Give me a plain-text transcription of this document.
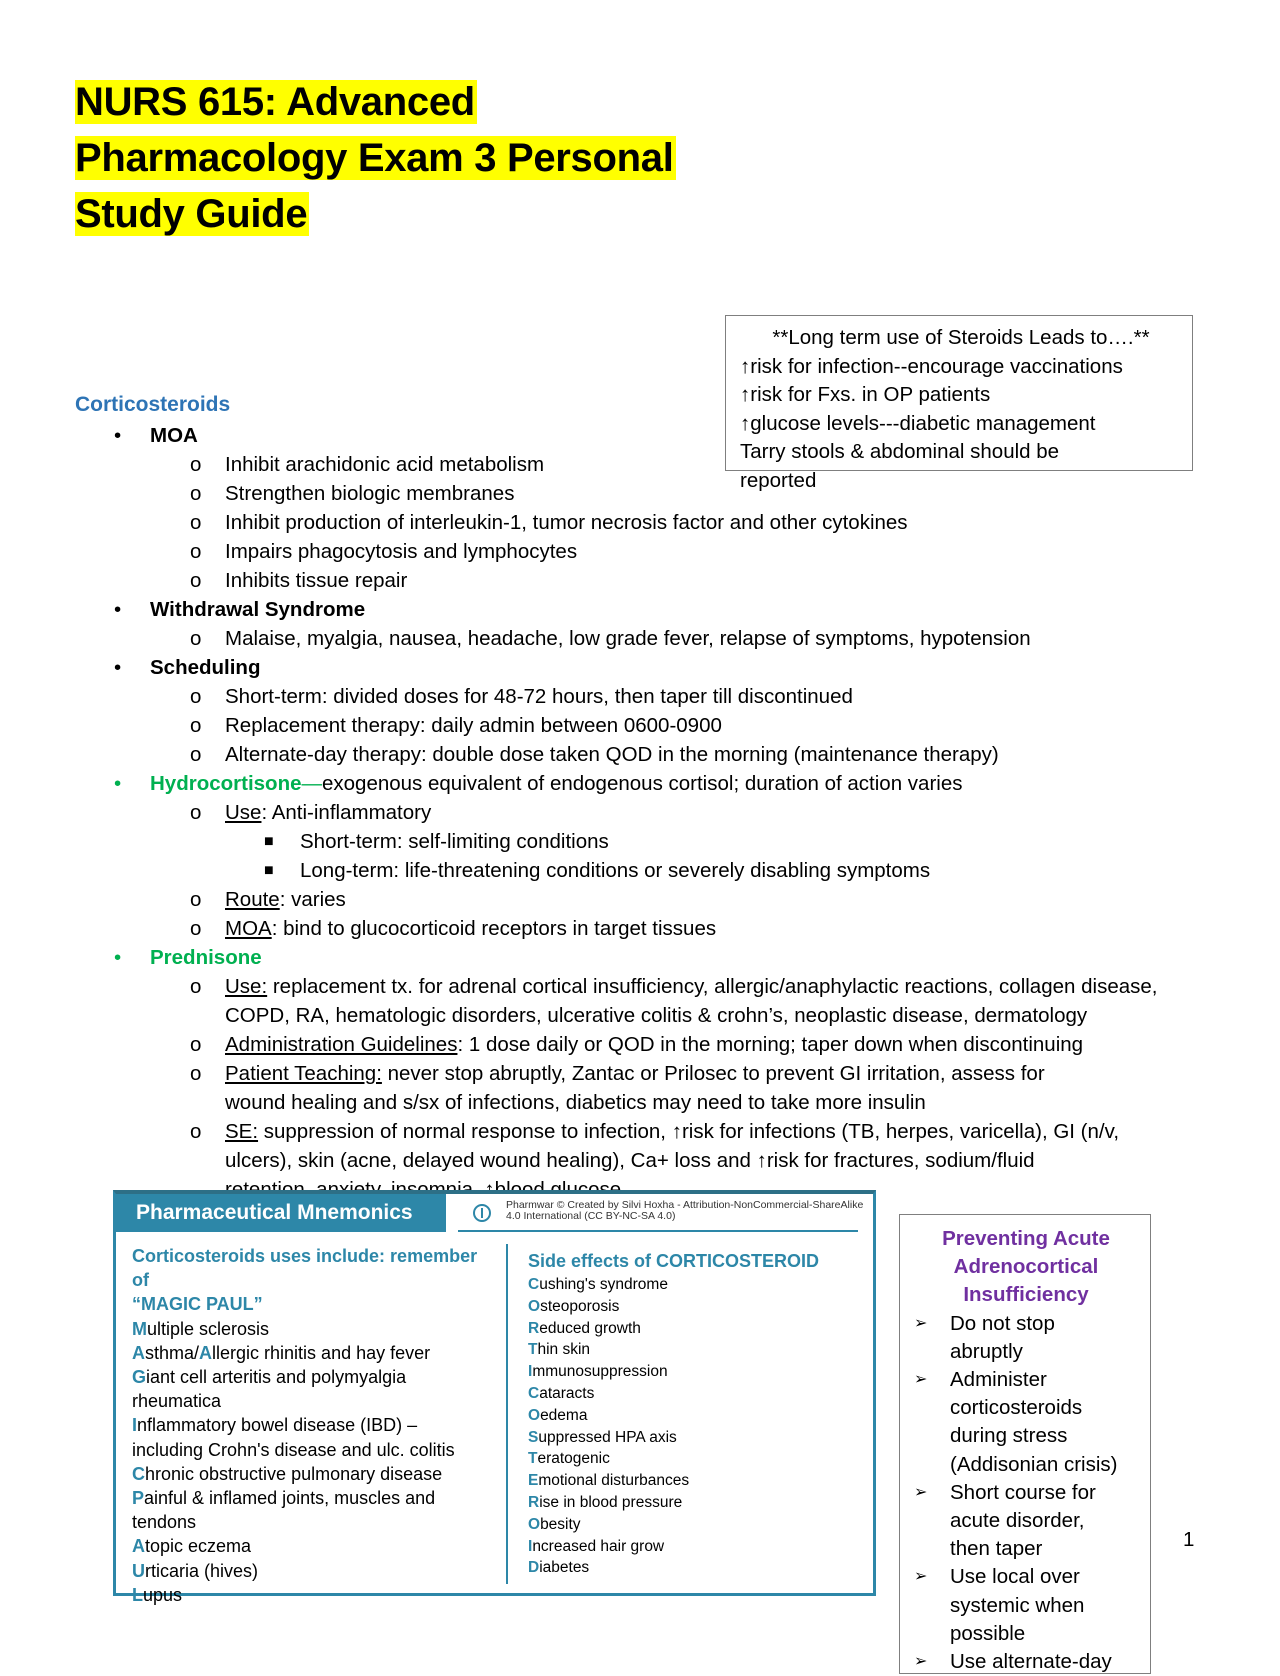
NURS 615: Advanced
Pharmacology Exam 3 Personal
Study Guide
**Long term use of Steroids Leads to….**
↑risk for infection--encourage vaccinations
↑risk for Fxs. in OP patients
↑glucose levels---diabetic management
Tarry stools & abdominal should be
reported
Corticosteroids
• MOA
o Inhibit arachidonic acid metabolism
o Strengthen biologic membranes
o Inhibit production of interleukin-1, tumor necrosis factor and other cytokines
o Impairs phagocytosis and lymphocytes
o Inhibits tissue repair
• Withdrawal Syndrome
o Malaise, myalgia, nausea, headache, low grade fever, relapse of symptoms, hypotension
• Scheduling
o Short-term: divided doses for 48-72 hours, then taper till discontinued
o Replacement therapy: daily admin between 0600-0900
o Alternate-day therapy: double dose taken QOD in the morning (maintenance therapy)
• Hydrocortisone—exogenous equivalent of endogenous cortisol; duration of action varies
o Use: Anti-inflammatory
■ Short-term: self-limiting conditions
■ Long-term: life-threatening conditions or severely disabling symptoms
o Route: varies
o MOA: bind to glucocorticoid receptors in target tissues
• Prednisone
o Use: replacement tx. for adrenal cortical insufficiency, allergic/anaphylactic reactions, collagen disease,
COPD, RA, hematologic disorders, ulcerative colitis & crohn’s, neoplastic disease, dermatology
o Administration Guidelines: 1 dose daily or QOD in the morning; taper down when discontinuing
o Patient Teaching: never stop abruptly, Zantac or Prilosec to prevent GI irritation, assess for
wound healing and s/sx of infections, diabetics may need to take more insulin
o SE: suppression of normal response to infection, ↑risk for infections (TB, herpes, varicella), GI (n/v,
ulcers), skin (acne, delayed wound healing), Ca+ loss and ↑risk for fractures, sodium/fluid
Pharmaceutical Mnemonics	Pharmwar © Created by Silvi Hoxha - Attribution-NonCommercial-ShareAlike 4.0 International (CC BY-NC-SA 4.0)
Corticosteroids uses include: remember of
“MAGIC PAUL”
Multiple sclerosis
Asthma/Allergic rhinitis and hay fever
Giant cell arteritis and polymyalgia
rheumatica
Inflammatory bowel disease (IBD) –
including Crohn's disease and ulc. colitis
Chronic obstructive pulmonary disease
Painful & inflamed joints, muscles and
tendons
Atopic eczema
Urticaria (hives)
Lupus
Side effects of CORTICOSTEROID
Cushing's syndrome
Osteoporosis
Reduced growth
Thin skin
Immunosuppression
Cataracts
Oedema
Suppressed HPA axis
Teratogenic
Emotional disturbances
Rise in blood pressure
Obesity
Increased hair grow
Diabetes
Preventing Acute
Adrenocortical
Insufficiency
➢ Do not stop
abruptly
➢ Administer
corticosteroids
during stress
(Addisonian crisis)
➢ Short course for
acute disorder,
then taper
➢ Use local over
systemic when
possible
➢ Use alternate-day
1
